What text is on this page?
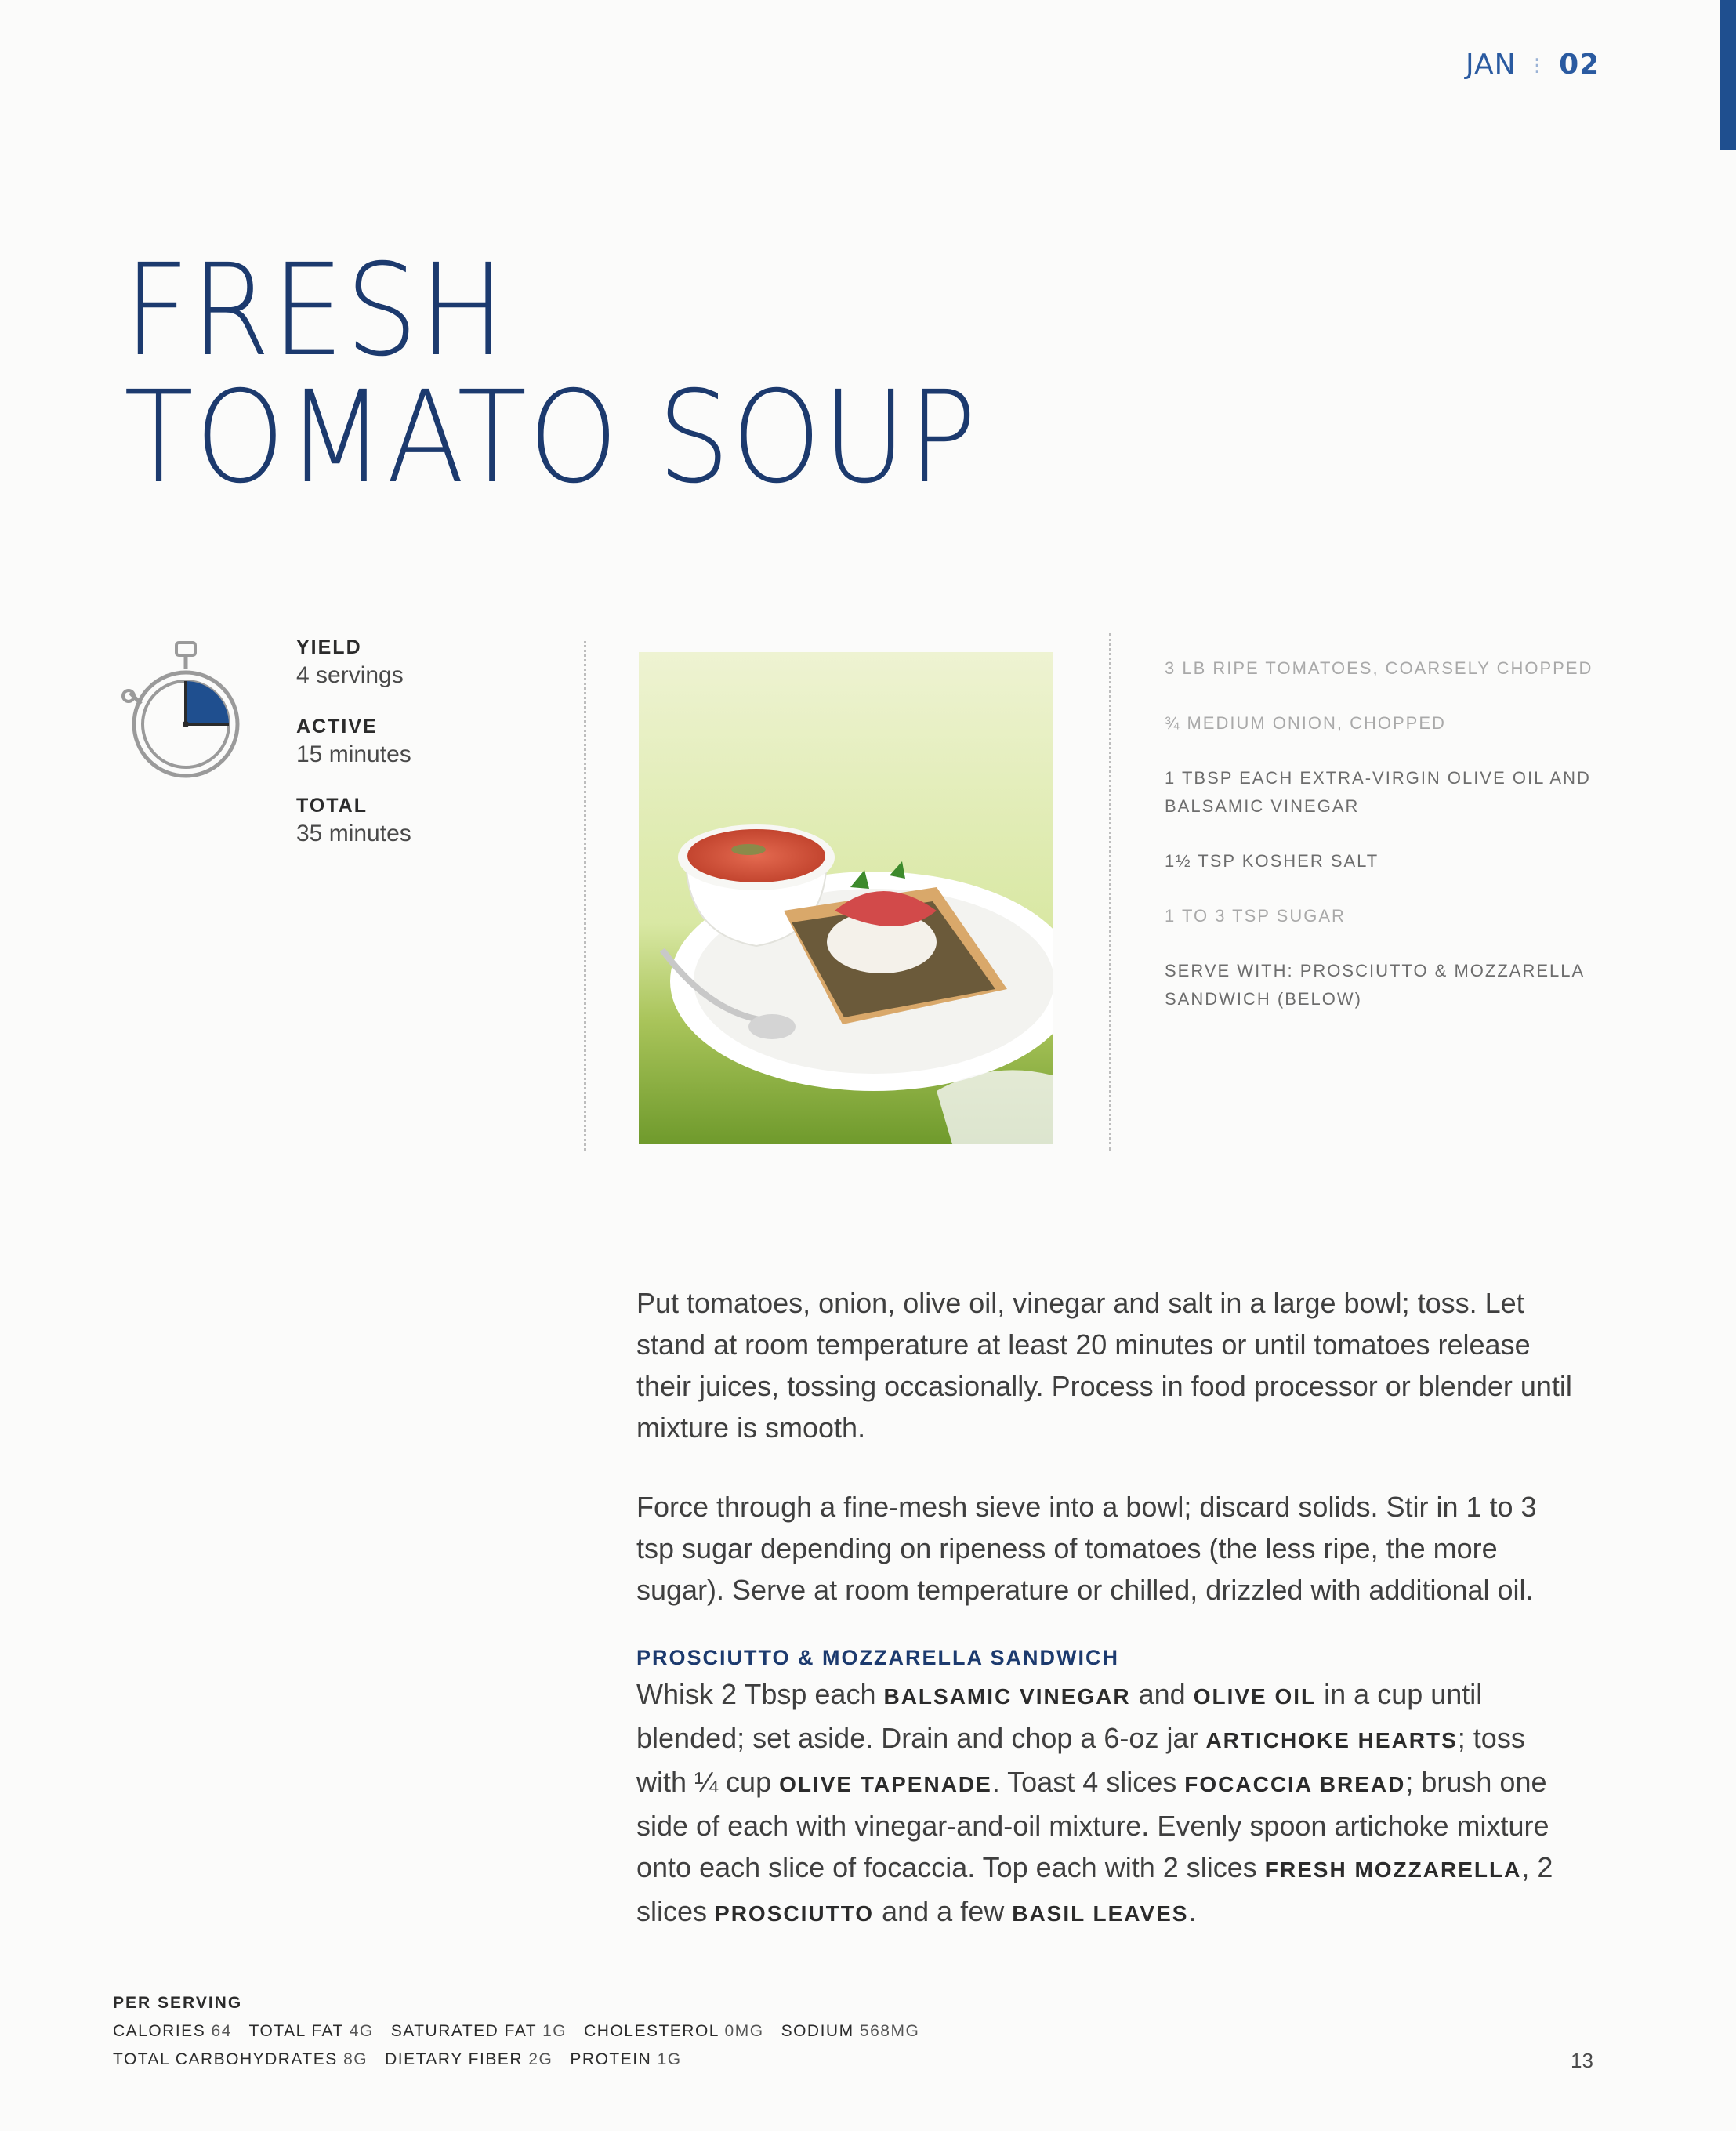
JAN ⁝ 02
FRESH
TOMATO SOUP
YIELD
4 servings
ACTIVE
15 minutes
TOTAL
35 minutes
3 LB RIPE TOMATOES, COARSELY CHOPPED
¾ MEDIUM ONION, CHOPPED
1 TBSP EACH EXTRA-VIRGIN OLIVE OIL AND BALSAMIC VINEGAR
1½ TSP KOSHER SALT
1 TO 3 TSP SUGAR
SERVE WITH: PROSCIUTTO & MOZZARELLA SANDWICH (BELOW)

Put tomatoes, onion, olive oil, vinegar and salt in a large bowl; toss. Let stand at room temperature at least 20 minutes or until tomatoes release their juices, tossing occasionally. Process in food processor or blender until mixture is smooth.

Force through a fine-mesh sieve into a bowl; discard solids. Stir in 1 to 3 tsp sugar depending on ripeness of tomatoes (the less ripe, the more sugar). Serve at room temperature or chilled, drizzled with additional oil.

PROSCIUTTO & MOZZARELLA SANDWICH
Whisk 2 Tbsp each BALSAMIC VINEGAR and OLIVE OIL in a cup until blended; set aside. Drain and chop a 6-oz jar ARTICHOKE HEARTS; toss with ¼ cup OLIVE TAPENADE. Toast 4 slices FOCACCIA BREAD; brush one side of each with vinegar-and-oil mixture. Evenly spoon artichoke mixture onto each slice of focaccia. Top each with 2 slices FRESH MOZZARELLA, 2 slices PROSCIUTTO and a few BASIL LEAVES.
PER SERVING
CALORIES 64 TOTAL FAT 4G SATURATED FAT 1G CHOLESTEROL 0MG SODIUM 568MG
TOTAL CARBOHYDRATES 8G DIETARY FIBER 2G PROTEIN 1G	13
